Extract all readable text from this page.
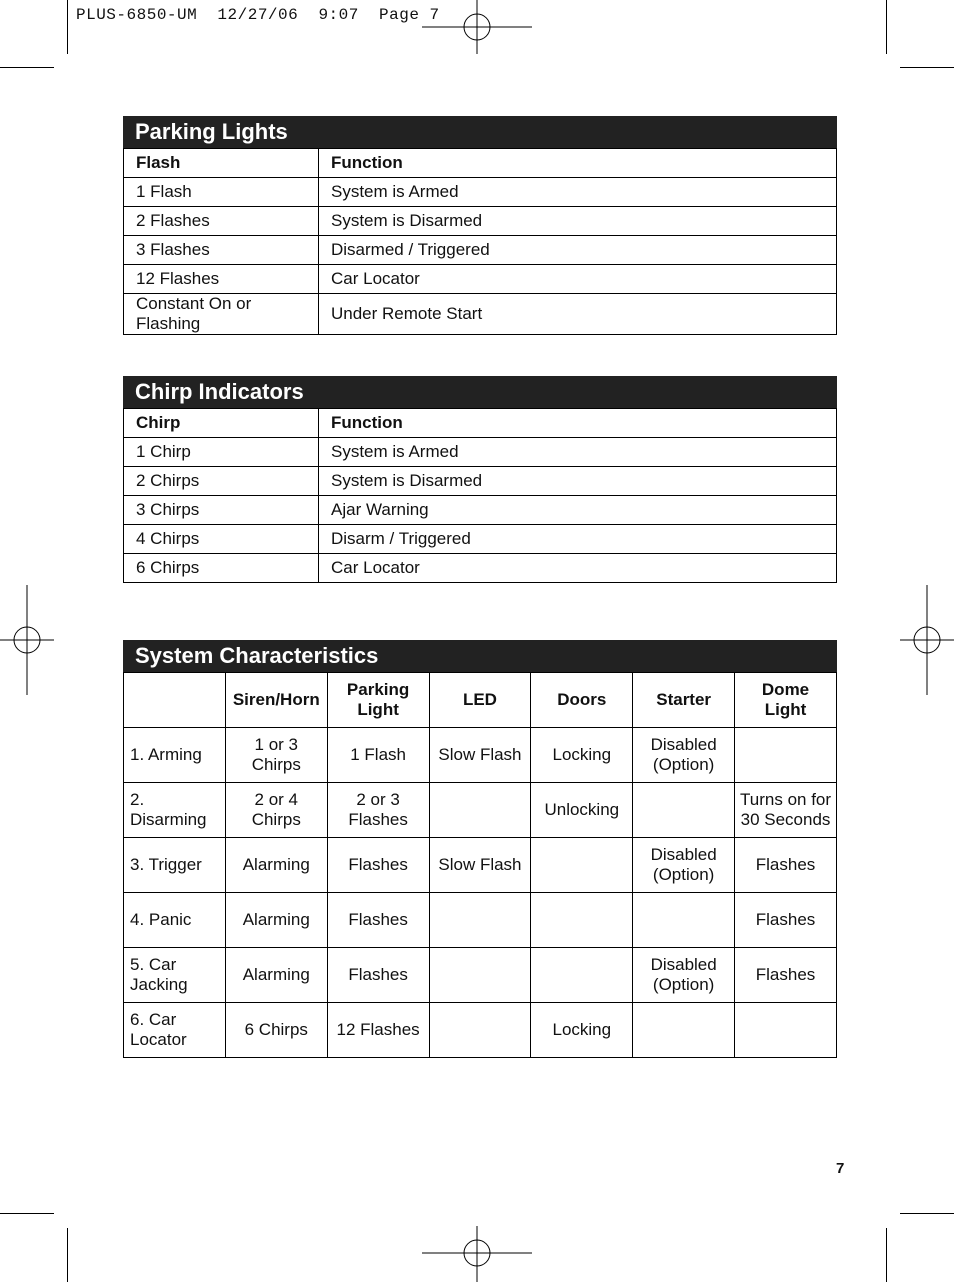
PLUS-6850-UM  12/27/06  9:07  Page 7
Parking Lights
Flash	Function
1 Flash	System is Armed
2 Flashes	System is Disarmed
3 Flashes	Disarmed / Triggered
12 Flashes	Car Locator
Constant On or Flashing	Under Remote Start
Chirp Indicators
Chirp	Function
1 Chirp	System is Armed
2 Chirps	System is Disarmed
3 Chirps	Ajar Warning
4 Chirps	Disarm / Triggered
6 Chirps	Car Locator
System Characteristics
	Siren/Horn	Parking Light	LED	Doors	Starter	Dome Light
1. Arming	1 or 3 Chirps	1 Flash	Slow Flash	Locking	Disabled (Option)	
2. Disarming	2 or 4 Chirps	2 or 3 Flashes		Unlocking		Turns on for 30 Seconds
3. Trigger	Alarming	Flashes	Slow Flash		Disabled (Option)	Flashes
4. Panic	Alarming	Flashes				Flashes
5. Car Jacking	Alarming	Flashes			Disabled (Option)	Flashes
6. Car Locator	6 Chirps	12 Flashes		Locking		
7
